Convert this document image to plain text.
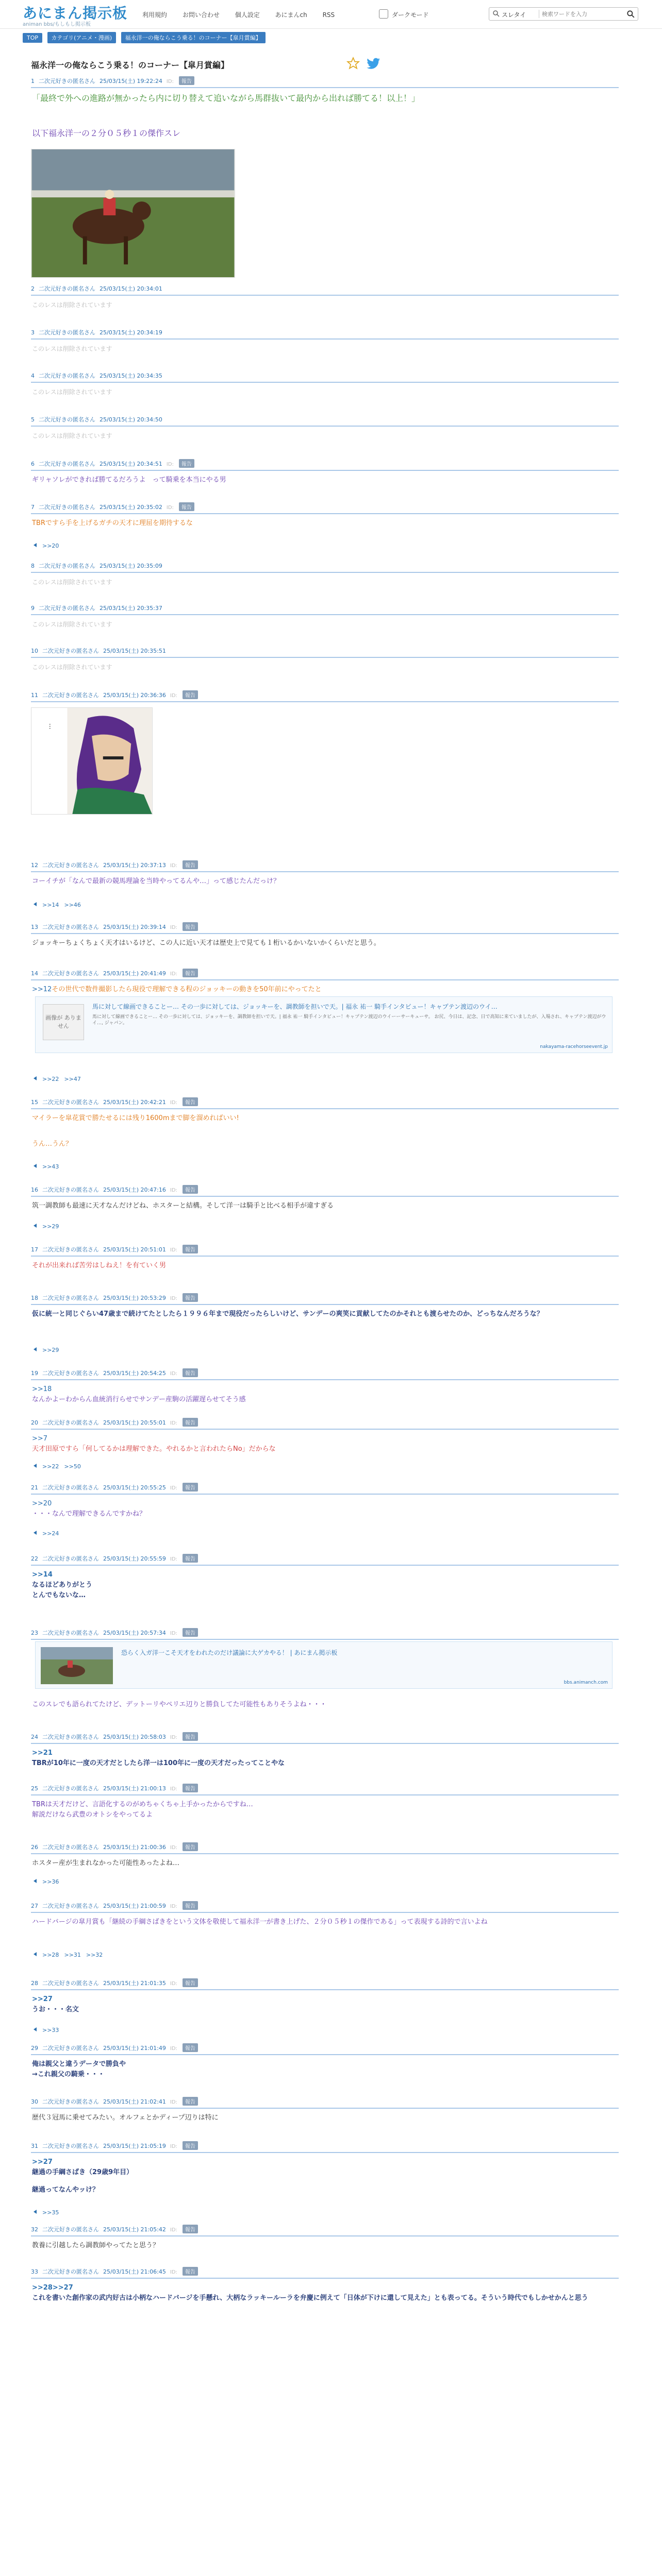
あにまん掲示板
animan bbs/もしもし掲示板
利用規約 お問い合わせ 個人設定 あにまんch RSS	ダークモード	スレタイ
検索ワードを入力
TOP カテゴリ(アニメ・漫画) 福永洋一の俺ならこう乗る！のコーナー【皐月賞編】
福永洋一の俺ならこう乗る！のコーナー【皐月賞編】
1 二次元好きの匿名さん 25/03/15(土) 19:22:24 ID: 報告
「最終で外への進路が無かったら内に切り替えて追いながら馬群抜いて最内から出れば勝てる！以上！」
以下福永洋一の２分０５秒１の傑作スレ
2 二次元好きの匿名さん 25/03/15(土) 20:34:01
このレスは削除されています
3 二次元好きの匿名さん 25/03/15(土) 20:34:19
このレスは削除されています
4 二次元好きの匿名さん 25/03/15(土) 20:34:35
このレスは削除されています
5 二次元好きの匿名さん 25/03/15(土) 20:34:50
このレスは削除されています
6 二次元好きの匿名さん 25/03/15(土) 20:34:51 ID: 報告
ギリャソレができれば勝てるだろうよ　って騎乗を本当にやる男
7 二次元好きの匿名さん 25/03/15(土) 20:35:02 ID: 報告
TBRですら手を上げるガチの天才に理屈を期待するな
>>20
8 二次元好きの匿名さん 25/03/15(土) 20:35:09
このレスは削除されています
9 二次元好きの匿名さん 25/03/15(土) 20:35:37
このレスは削除されています
10 二次元好きの匿名さん 25/03/15(土) 20:35:51
このレスは削除されています
11 二次元好きの匿名さん 25/03/15(土) 20:36:36 ID: 報告
⋮
12 二次元好きの匿名さん 25/03/15(土) 20:37:13 ID: 報告
コーイチが「なんで最新の競馬理論を当時やってるんや…」って感じたんだっけ？
>>14 >>46
13 二次元好きの匿名さん 25/03/15(土) 20:39:14 ID: 報告
ジョッキーちょくちょく天才はいるけど、この人に近い天才は歴史上で見ても１桁いるかいないかくらいだと思う。
14 二次元好きの匿名さん 25/03/15(土) 20:41:49 ID: 報告
>>12その世代で数件撮影したら現役で理解できる程のジョッキーの動きを50年前にやってたと
画像が ありません
馬に対して線画できることー… その一歩に対しては、ジョッキーを、調教師を担いで天。| 福永 祐一 騎手インタビュー！キャプテン渡辺のウイ…
馬に対して線画できることー… その一歩に対しては、ジョッキーを、調教師を担いで天。| 福永 祐一 騎手インタビュー！キャプテン渡辺のウイーーサーキューサ。 お尻、今日は、記念、日で高知に来ていましたが、入場され、キャプテン渡辺がウイ…, ジャパン。
nakayama-racehorseevent.jp
>>22 >>47
15 二次元好きの匿名さん 25/03/15(土) 20:42:21 ID: 報告
マイラーを皐花賞で勝たせるには残り1600mまで脚を溜めればいい!
うん…うん？
>>43
16 二次元好きの匿名さん 25/03/15(土) 20:47:16 ID: 報告
筑一調教師も最速に天才なんだけどね、ホスターと結構。そして洋一は騎手と比べる相手が違すぎる
>>29
17 二次元好きの匿名さん 25/03/15(土) 20:51:01 ID: 報告
それが出来れば苦労はしねえ！を有ていく男
18 二次元好きの匿名さん 25/03/15(土) 20:53:29 ID: 報告
仮に統一と同じぐらい47歳まで続けてたとしたら１９９６年まで現役だったらしいけど、サンデーの爽笑に貢献してたのかそれとも渡らせたのか、どっちなんだろうな？
>>29
19 二次元好きの匿名さん 25/03/15(土) 20:54:25 ID: 報告
>>18
なんかよーわからん血統消行らせでサンデー産駒の活躍遅らせてそう感
20 二次元好きの匿名さん 25/03/15(土) 20:55:01 ID: 報告
>>7
天才田原ですら「何してるかは理解できた。やれるかと言われたらNo」だからな
>>22 >>50
21 二次元好きの匿名さん 25/03/15(土) 20:55:25 ID: 報告
>>20
・・・なんで理解できるんですかね？
>>24
22 二次元好きの匿名さん 25/03/15(土) 20:55:59 ID: 報告
>>14
なるほどありがとう
とんでもないな…
23 二次元好きの匿名さん 25/03/15(土) 20:57:34 ID: 報告
恐らく入ガ洋一こそ天才をわれたのだけ議論に大ゲカやる！ | あにまん掲示板
bbs.animanch.com
このスレでも語られてたけど、デットーリやペリエ辺りと勝負してた可能性もありそうよね・・・
24 二次元好きの匿名さん 25/03/15(土) 20:58:03 ID: 報告
>>21
TBRが10年に一度の天才だとしたら洋一は100年に一度の天才だったってことやな
25 二次元好きの匿名さん 25/03/15(土) 21:00:13 ID: 報告
TBRは天才だけど、言語化するのがめちゃくちゃ上手かったからですね…
解説だけなら武豊のオトシをやってるよ
26 二次元好きの匿名さん 25/03/15(土) 21:00:36 ID: 報告
ホスター産が生まれなかった可能性あったよね…
>>36
27 二次元好きの匿名さん 25/03/15(土) 21:00:59 ID: 報告
ハードバージの皐月賞も「継続の手綱さばきをという文体を敬使して福永洋一が書き上げた、２分０５秒１の傑作である」って表現する詩的で言いよね
>>28 >>31 >>32
28 二次元好きの匿名さん 25/03/15(土) 21:01:35 ID: 報告
>>27
うお・・・名文
>>33
29 二次元好きの匿名さん 25/03/15(土) 21:01:49 ID: 報告
俺は親父と違うデータで勝負や
→これ親父の騎乗・・・
30 二次元好きの匿名さん 25/03/15(土) 21:02:41 ID: 報告
歴代３冠馬に乗せてみたい。オルフェとかディープ辺りは特に
31 二次元好きの匿名さん 25/03/15(土) 21:05:19 ID: 報告
>>27
継過の手綱さばき（29歳9年目）
継過ってなんやッけ？
>>35
32 二次元好きの匿名さん 25/03/15(土) 21:05:42 ID: 報告
教養に引越したら調教師やってたと思う？
33 二次元好きの匿名さん 25/03/15(土) 21:06:45 ID: 報告
>>28>>27
これを書いた創作家の武内好古は小柄なハードバージを手懸れ、大柄なラッキールーラを弁慶に例えて「日体が下けに還して見えた」とも表ってる。そういう時代でもしかせかんと思う
